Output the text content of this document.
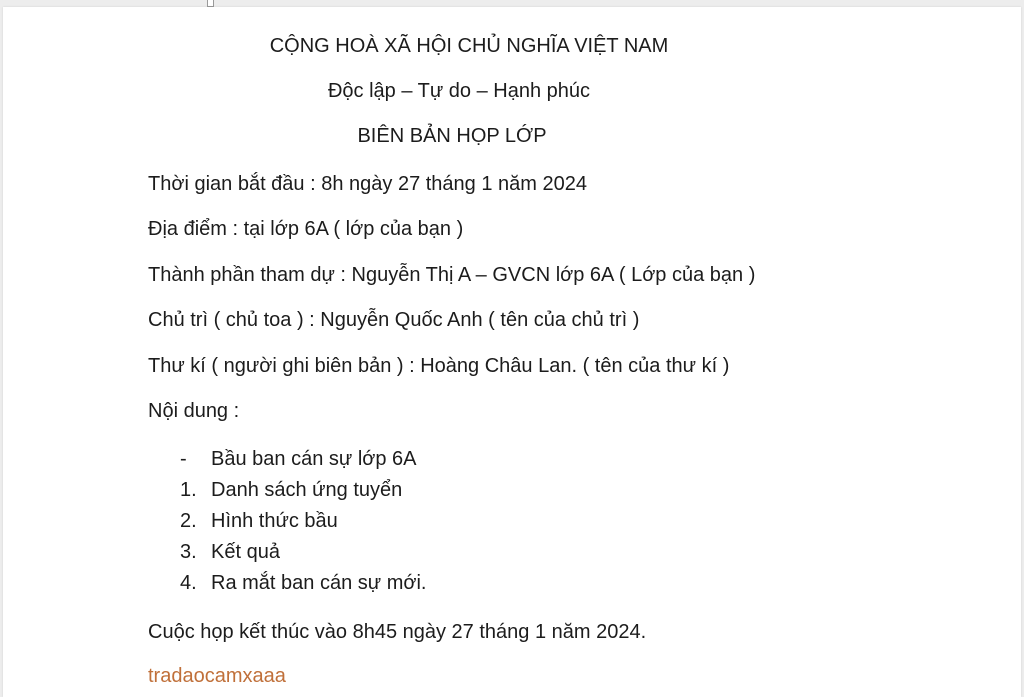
CỘNG HOÀ XÃ HỘI CHỦ NGHĨA VIỆT NAM
Độc lập – Tự do – Hạnh phúc
BIÊN BẢN HỌP LỚP
Thời gian bắt đầu : 8h ngày 27 tháng 1 năm 2024
Địa điểm : tại lớp 6A ( lớp của bạn )
Thành phần tham dự : Nguyễn Thị A – GVCN lớp 6A ( Lớp của bạn )
Chủ trì ( chủ toa ) : Nguyễn Quốc Anh ( tên của chủ trì )
Thư kí ( người ghi biên bản ) : Hoàng Châu Lan. ( tên của thư kí )
Nội dung :
- Bầu ban cán sự lớp 6A
1. Danh sách ứng tuyển
2. Hình thức bầu
3. Kết quả
4. Ra mắt ban cán sự mới.
Cuộc họp kết thúc vào 8h45 ngày 27 tháng 1 năm 2024.
tradaocamxaaa
